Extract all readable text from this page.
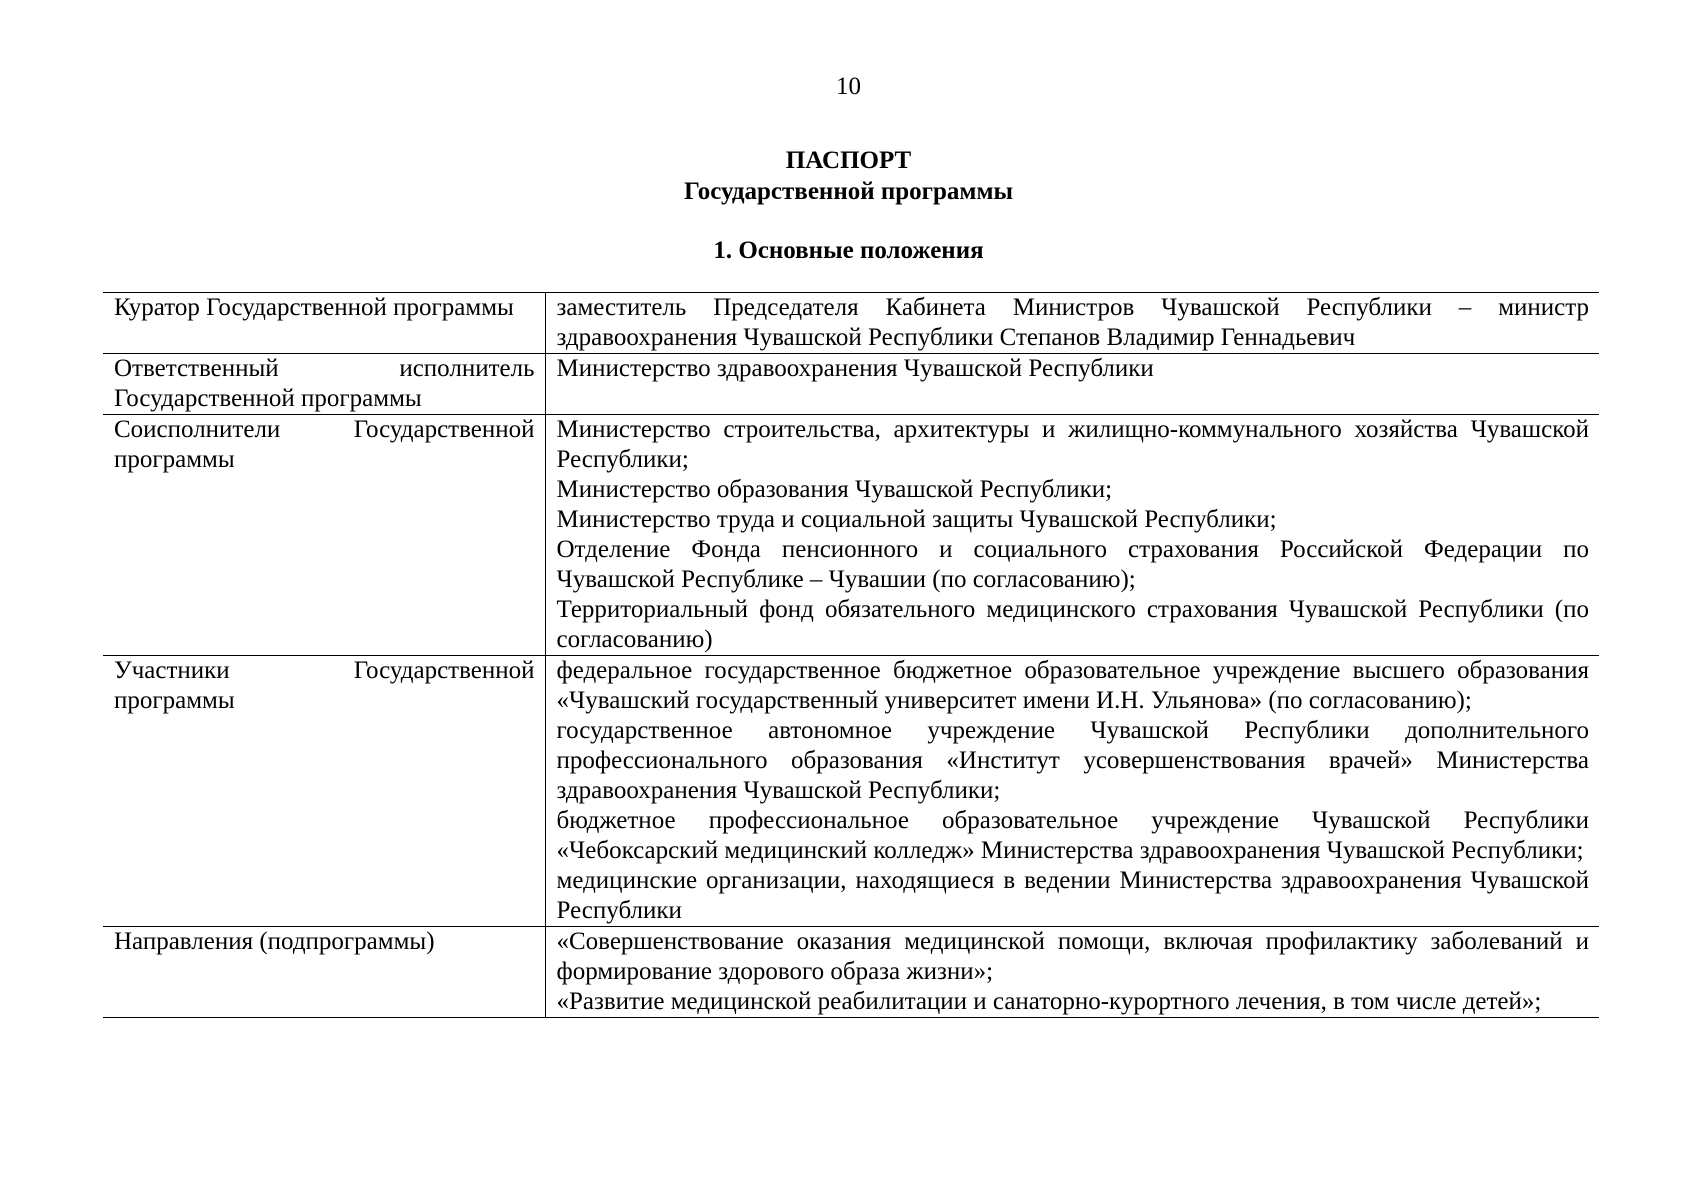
10
ПАСПОРТ
Государственной программы
1. Основные положения
Куратор Государственной программы	заместитель Председателя Кабинета Министров Чувашской Республики – министр здравоохранения Чувашской Республики Степанов Владимир Геннадьевич

Ответственный исполнитель Государственной программы	Министерство здравоохранения Чувашской Республики

Соисполнители Государственной программы	Министерство строительства, архитектуры и жилищно-коммунального хозяйства Чувашской Республики;
Министерство образования Чувашской Республики;
Министерство труда и социальной защиты Чувашской Республики;
Отделение Фонда пенсионного и социального страхования Российской Федерации по Чувашской Республике – Чувашии (по согласованию);
Территориальный фонд обязательного медицинского страхования Чувашской Республики (по согласованию)

Участники Государственной программы	федеральное государственное бюджетное образовательное учреждение высшего образования «Чувашский государственный университет имени И.Н. Ульянова» (по согласованию);
государственное автономное учреждение Чувашской Республики дополнительного профессионального образования «Институт усовершенствования врачей» Министерства здравоохранения Чувашской Республики;
бюджетное профессиональное образовательное учреждение Чувашской Республики «Чебоксарский медицинский колледж» Министерства здравоохранения Чувашской Республики;
медицинские организации, находящиеся в ведении Министерства здравоохранения Чувашской Республики

Направления (подпрограммы)	«Совершенствование оказания медицинской помощи, включая профилактику заболеваний и формирование здорового образа жизни»;
«Развитие медицинской реабилитации и санаторно-курортного лечения, в том числе детей»;
